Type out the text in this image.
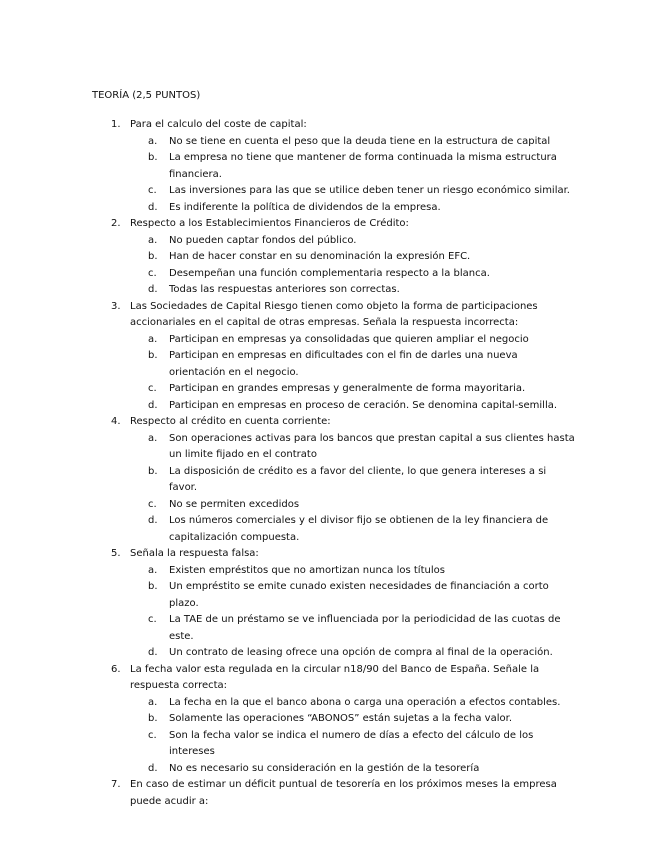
TEORÍA (2,5 PUNTOS)
1. Para el calculo del coste de capital:
a. No se tiene en cuenta el peso que la deuda tiene en la estructura de capital
b. La empresa no tiene que mantener de forma continuada la misma estructura financiera.
c. Las inversiones para las que se utilice deben tener un riesgo económico similar.
d. Es indiferente la política de dividendos de la empresa.
2. Respecto a los Establecimientos Financieros de Crédito:
a. No pueden captar fondos del público.
b. Han de hacer constar en su denominación la expresión EFC.
c. Desempeñan una función complementaria respecto a la blanca.
d. Todas las respuestas anteriores son correctas.
3. Las Sociedades de Capital Riesgo tienen como objeto la forma de participaciones accionariales en el capital de otras empresas. Señala la respuesta incorrecta:
a. Participan en empresas ya consolidadas que quieren ampliar el negocio
b. Participan en empresas en dificultades con el fin de darles una nueva orientación en el negocio.
c. Participan en grandes empresas y generalmente de forma mayoritaria.
d. Participan en empresas en proceso de ceración. Se denomina capital-semilla.
4. Respecto al crédito en cuenta corriente:
a. Son operaciones activas para los bancos que prestan capital a sus clientes hasta un limite fijado en el contrato
b. La disposición de crédito es a favor del cliente, lo que genera intereses a si favor.
c. No se permiten excedidos
d. Los números comerciales y el divisor fijo se obtienen de la ley financiera de capitalización compuesta.
5. Señala la respuesta falsa:
a. Existen empréstitos que no amortizan nunca los títulos
b. Un empréstito se emite cunado existen necesidades de financiación a corto plazo.
c. La TAE de un préstamo se ve influenciada por la periodicidad de las cuotas de este.
d. Un contrato de leasing ofrece una opción de compra al final de la operación.
6. La fecha valor esta regulada en la circular n18/90 del Banco de España. Señale la respuesta correcta:
a. La fecha en la que el banco abona o carga una operación a efectos contables.
b. Solamente las operaciones “ABONOS” están sujetas a la fecha valor.
c. Son la fecha valor se indica el numero de días a efecto del cálculo de los intereses
d. No es necesario su consideración en la gestión de la tesorería
7. En caso de estimar un déficit puntual de tesorería en los próximos meses la empresa puede acudir a:
